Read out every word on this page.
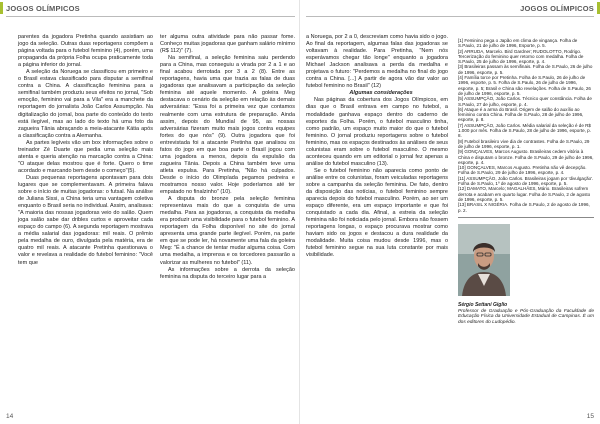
JOGOS OLÍMPICOS

parentes da jogadora Pretinha quando assistiam ao jogo da seleção. Outras duas reportagens compõem a página voltada para o futebol feminino (4), porém, uma propaganda da própria Folha ocupa praticamente toda a página inferior do jornal.

A seleção da Noruega se classificou em primeiro e o Brasil estava classificado para disputar a semifinal contra a China. A classificação feminina para a semifinal também produziu seus efeitos no jornal, "Sob emoção, feminino vai para a Vila" era a manchete da reportagem do jornalista João Carlos Assumpção. Na digitalização do jornal, boa parte do conteúdo do texto está ilegível, mas ao lado do texto há uma foto da zagueira Tânia abraçando a meia-atacante Kátia após a classificação contra a Alemanha.

As partes legíveis vão um box informações sobre o treinador Zé Duarte que pedia uma seleção mais atenta e queria atenção na marcação contra a China: "O ataque delas mostrou que é forte. Quero o time acordado e marcando bem desde o começo"(5).

Duas pequenas reportagens apontavam para dois lugares que se complementavam. A primeira falava sobre o início de muitas jogadoras: o futsal. Na análise de Juliana Sissi, a China teria uma vantagem coletiva enquanto o Brasil seria no individual. Assim, analisava: "A maioria das nossas jogadoras veio do salão. Quem joga salão sabe dar dribles curtos e aproveitar cada espaço do campo (6). A segunda reportagem mostrava a média salarial das jogadoras: mil reais. O prêmio pela medalha de ouro, divulgada pela matéria, era de quatro mil reais. A atacante Pretinha questionava o valor e revelava a realidade do futebol feminino: "Você tem que

ter alguma outra atividade para não passar fome. Conheço muitas jogadoras que ganham salário mínimo (R$ 112)" (7).

Na semifinal, a seleção feminina saiu perdendo para a China, mas conseguiu a virada por 2 a 1 e ao final acabou derrotada por 3 a 2 (8). Entre as reportagens, havia uma que trazia as falas de duas jogadoras que analisavam a participação da seleção feminina até aquele momento. A goleira Meg destacava o cenário da seleção em relação às demais adversárias: "Essa foi a primeira vez que contamos realmente com uma estrutura de preparação. Ainda assim, depois do Mundial de 95, as nossas adversárias fizeram muito mais jogos contra equipes fortes do que nós" (9). Outra jogadora que foi entrevistada foi a atacante Pretinha que analisou os fatos do jogo em que boa parte o Brasil jogou com uma jogadora a menos, depois da expulsão da zagueira Tânia. Depois a China também teve uma atleta expulsa. Para Pretinha, "Não há culpados. Desde o início do Olimpíada pegamos pedreira e mostramos nosso valor. Hoje poderíamos até ter empatado no finalzinho" (10).

A disputa do bronze pela seleção feminina representava mais do que a conquista de uma medalha. Para as jogadoras, a conquista da medalha era produzir uma visibilidade para o futebol feminino. A reportagem da Folha disponível no site do jornal apresenta uma grande parte ilegível. Porém, na parte em que se pode ler, há novamente uma fala da goleira Meg: "É a chance de tentar mudar alguma coisa. Com uma medalha, a imprensa e os torcedores passarão a valorizar as mulheres no futebol" (11).

As informações sobre a derrota da seleção feminina na disputa do terceiro lugar para a

14
JOGOS OLÍMPICOS

a Noruega, por 2 a 0, descreviam como havia sido o jogo. Ao final da reportagem, algumas falas das jogadoras se voltavam à realidade. Para Pretinha, "Nem nós esperávamos chegar tão longe" enquanto a jogadora Michael Jackson analisava a perda da medalha e projetava o futuro: "Perdemos a medalha no final do jogo contra a China. [...] A partir de agora vão dar valor ao futebol feminino no Brasil" (12)

Algumas considerações

Nas páginas da cobertura dos Jogos Olímpicos, em dias que o Brasil entrava em campo no futebol, a modalidade ganhava espaço dentro do caderno de esportes da Folha. Porém, o futebol masculino tinha, como padrão, um espaço muito maior do que o futebol feminino. O jornal produziu reportagens sobre o futebol feminino, mas os espaços destinados às análises de seus colunistas eram sobre o futebol masculino. O mesmo aconteceu quando em um editorial o jornal fez apenas a análise do futebol masculino (13).

Se o futebol feminino não aparecia como ponto de análise entre os colunistas, foram veiculadas reportagens sobre a campanha da seleção feminina. De fato, dentro da disposição das notícias, o futebol feminino sempre aparecia depois do futebol masculino. Porém, ao ser um espaço diferente, era um espaço importante e que foi conquistado a cada dia. Afinal, a estreia da seleção feminina não foi noticiada pelo jornal. Embora não fossem reportagens longas, o espaço procurava mostrar como haviam sido os jogos e destacou a dura realidade da modalidade. Muita coisa mudou desde 1996, mas o futebol feminino segue na sua luta constante por mais visibilidade.

[1] Feminino pega o Japão em clima de vingança. Folha de S.Paulo, 21 de julho de 1996, Esporte, p. 5.
[2] ARRUDA, Marcelo. Bird Gardner; RUDOLOTTO, Rodrigo. Tercerização do feminino quer retorno com medalha. Folha de S.Paulo, 25 de julho de 1996, esporte, p. 4.
[3] Brasileiras passam às semifinais. Folha de S.Paulo, 26 de julho de 1996, esporte, p. 5.
[4] Família torce por Pretinha. Folha de S.Paulo, 26 de julho de 1996, esporte, p. 5. Folha de S.Paulo, 26 de julho de 1996, esporte, p. 5; Brasil e China são revelações. Folha de S.Paulo, 26 de julho de 1996, esporte, p. 5.
[5] ASSUMPÇÃO, João Carlos. Técnico quer constância. Folha de S.Paulo, 27 de julho, esporte, p. 4.
[6] Ataque é a arma do Brasil. Origem de salão do auxílio ao feminino contra China. Folha de S.Paulo, 28 de julho de 1996, esporte, p. 8.
[7] ASSUMPÇÃO, João Carlos. Média salarial da seleção é de R$ 1.000 por mês. Folha de S.Paulo, 28 de julho de 1996, esporte, p. 8.
[8] Futebol brasileiro vive dia de contrastes. Folha de S.Paulo, 29 de julho de 1996, esporte, p. 1.
[9] GONÇALVES, Marcos Augusto. Brasileiras cedem vitória à China e disputam o bronze. Folha de S.Paulo, 29 de julho de 1996, esporte, p. 4.
[10] GONÇALVES, Marcos Augusto. Pretinha não vê decepção. Folha de S.Paulo, 29 de julho de 1996, esporte, p. 4.
[11] ASSUMPÇÃO, João Carlos. Brasileiras jogam por 'divulgação'. Folha de S.Paulo, 1º de agosto de 1996, esporte, p. 5.
[12] DAMATO, Marcelo; MAGALHÃES, Mário. Brasileiras sofrem derrota e acabam em quarto lugar. Folha de S.Paulo, 2 de agosto de 1996, esporte, p. 5.
[13] BRASIL X NIGÉRIA. Folha de S.Paulo, 2 de agosto de 1996, p. 2.
Sérgio Settani Giglio
Professor de Graduação e Pós-Graduação da Faculdade de Educação Física da Universidade Estadual de Campinas. É um dos editores do Ludopédio.
15
